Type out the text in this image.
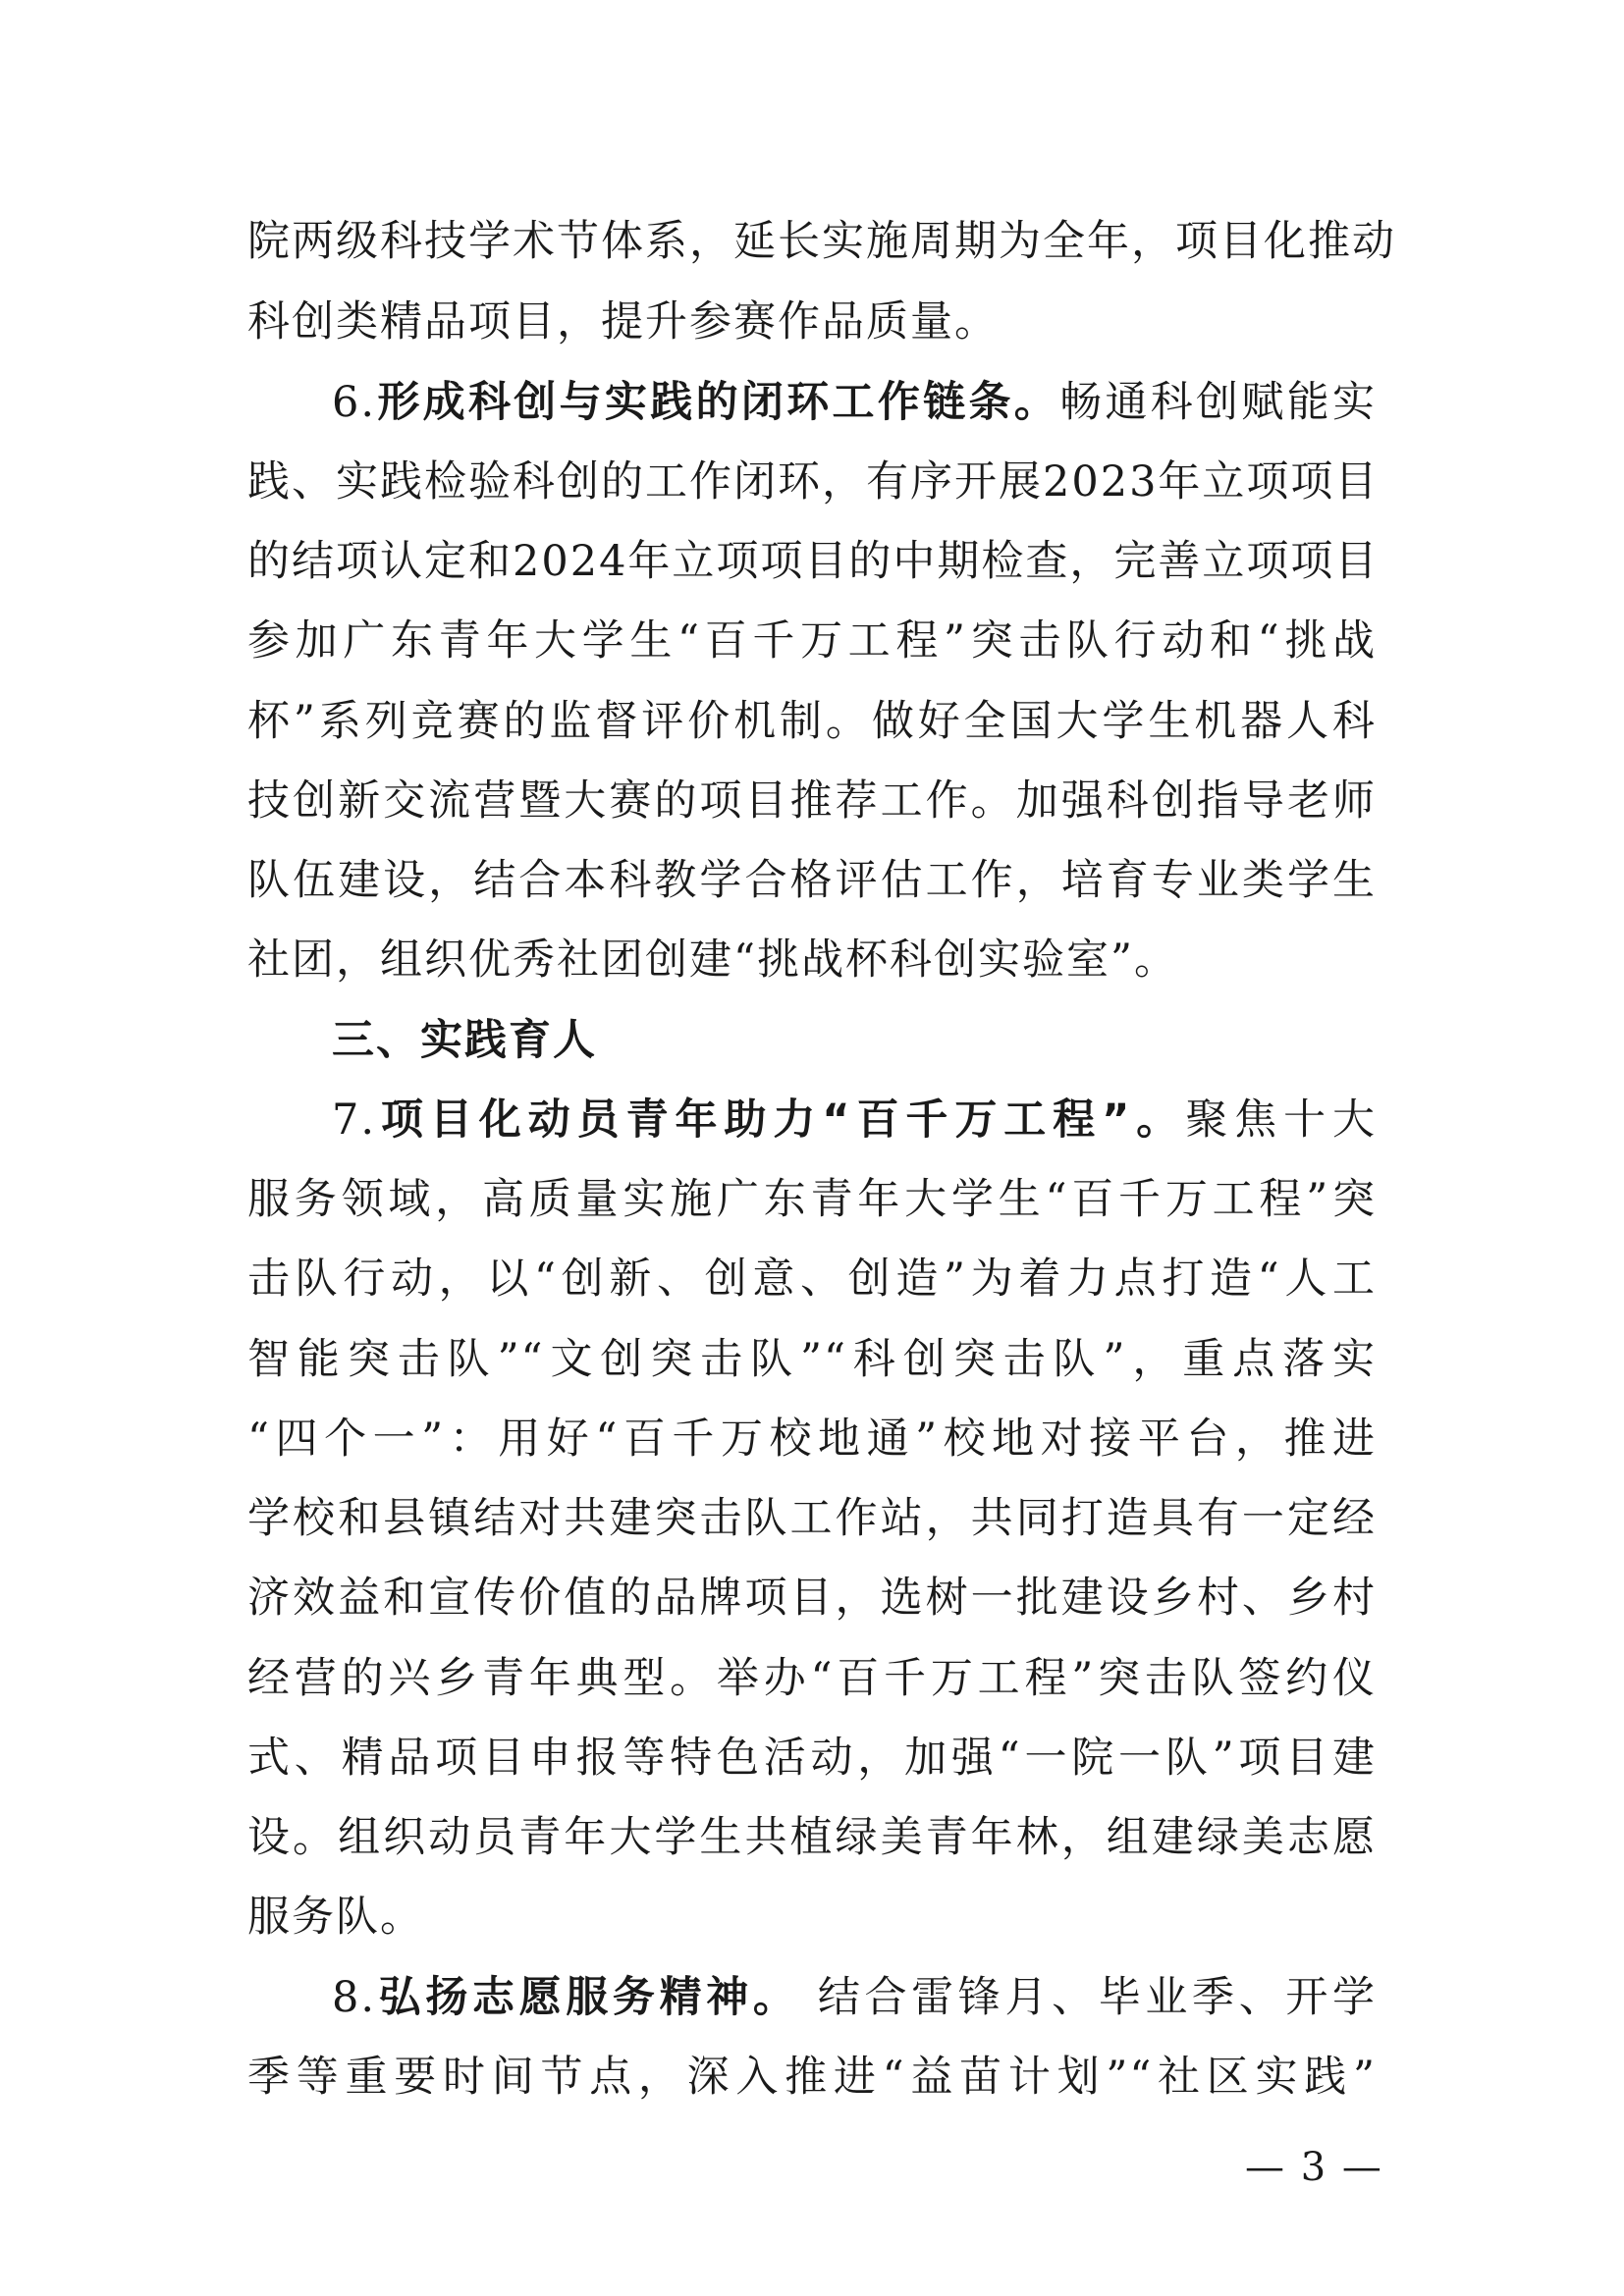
院两级科技学术节体系，延长实施周期为全年，项目化推动
科创类精品项目，提升参赛作品质量。
6.形成科创与实践的闭环工作链条。畅通科创赋能实
践、实践检验科创的工作闭环，有序开展2023年立项项目
的结项认定和2024年立项项目的中期检查，完善立项项目
参加广东青年大学生“百千万工程”突击队行动和“挑战
杯”系列竞赛的监督评价机制。做好全国大学生机器人科
技创新交流营暨大赛的项目推荐工作。加强科创指导老师
队伍建设，结合本科教学合格评估工作，培育专业类学生
社团，组织优秀社团创建“挑战杯科创实验室”。
三、实践育人
7.项目化动员青年助力“百千万工程”。聚焦十大
服务领域，高质量实施广东青年大学生“百千万工程”突
击队行动，以“创新、创意、创造”为着力点打造“人工
智能突击队”“文创突击队”“科创突击队”，重点落实
“四个一”：用好“百千万校地通”校地对接平台，推进
学校和县镇结对共建突击队工作站，共同打造具有一定经
济效益和宣传价值的品牌项目，选树一批建设乡村、乡村
经营的兴乡青年典型。举办“百千万工程”突击队签约仪
式、精品项目申报等特色活动，加强“一院一队”项目建
设。组织动员青年大学生共植绿美青年林，组建绿美志愿
服务队。
8.弘扬志愿服务精神。 结合雷锋月、毕业季、开学
季等重要时间节点，深入推进“益苗计划”“社区实践”
— 3 —
